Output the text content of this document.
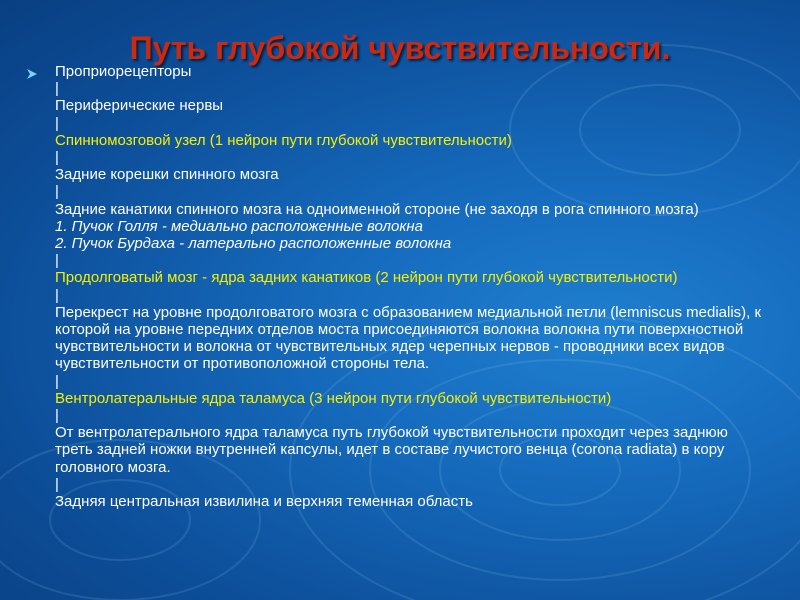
Путь глубокой чувствительности.
Проприорецепторы
|
Периферические нервы
|
Спинномозговой узел (1 нейрон пути глубокой чувствительности)
|
Задние корешки спинного мозга
|
Задние канатики спинного мозга на одноименной стороне (не заходя в рога спинного мозга)
1. Пучок Голля - медиально расположенные волокна
2. Пучок Бурдаха - латерально расположенные волокна
|
Продолговатый мозг - ядра задних канатиков (2 нейрон пути глубокой чувствительности)
|
Перекрест на уровне продолговатого мозга с образованием медиальной петли (lemniscus medialis), к которой на уровне передних отделов моста присоединяются волокна волокна пути поверхностной чувствительности и волокна от чувствительных ядер черепных нервов - проводники всех видов чувствительности от противоположной стороны тела.
|
Вентролатеральные ядра таламуса (3 нейрон пути глубокой чувствительности)
|
От вентролатерального ядра таламуса путь глубокой чувствительности проходит через заднюю треть задней ножки внутренней капсулы, идет в составе лучистого венца (corona radiata) в кору головного мозга.
|
Задняя центральная извилина и верхняя теменная область
